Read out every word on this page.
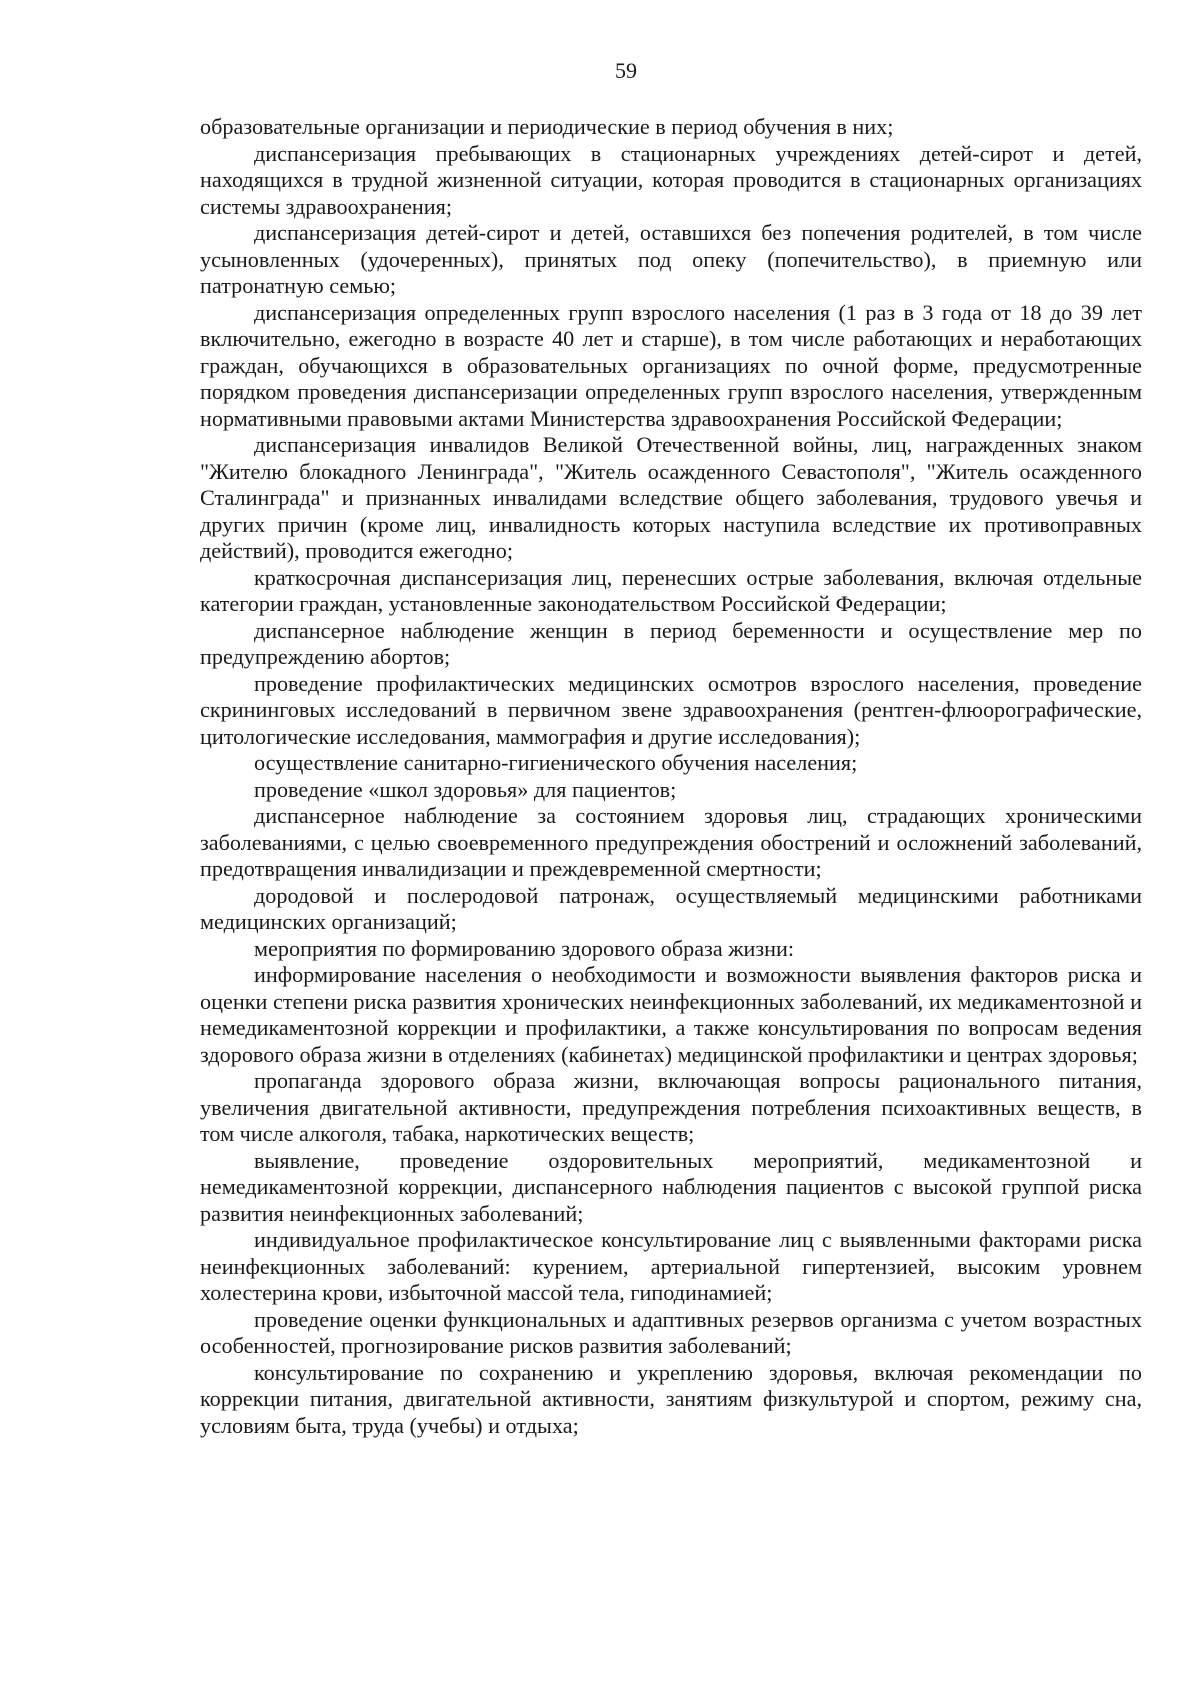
59

образовательные организации и периодические в период обучения в них;

диспансеризация пребывающих в стационарных учреждениях детей-сирот и детей, находящихся в трудной жизненной ситуации, которая проводится в стационарных организациях системы здравоохранения;

диспансеризация детей-сирот и детей, оставшихся без попечения родителей, в том числе усыновленных (удочеренных), принятых под опеку (попечительство), в приемную или патронатную семью;

диспансеризация определенных групп взрослого населения (1 раз в 3 года от 18 до 39 лет включительно, ежегодно в возрасте 40 лет и старше), в том числе работающих и неработающих граждан, обучающихся в образовательных организациях по очной форме, предусмотренные порядком проведения диспансеризации определенных групп взрослого населения, утвержденным нормативными правовыми актами Министерства здравоохранения Российской Федерации;

диспансеризация инвалидов Великой Отечественной войны, лиц, награжденных знаком "Жителю блокадного Ленинграда", "Житель осажденного Севастополя", "Житель осажденного Сталинграда" и признанных инвалидами вследствие общего заболевания, трудового увечья и других причин (кроме лиц, инвалидность которых наступила вследствие их противоправных действий), проводится ежегодно;

краткосрочная диспансеризация лиц, перенесших острые заболевания, включая отдельные категории граждан, установленные законодательством Российской Федерации;

диспансерное наблюдение женщин в период беременности и осуществление мер по предупреждению абортов;

проведение профилактических медицинских осмотров взрослого населения, проведение скрининговых исследований в первичном звене здравоохранения (рентген-флюорографические, цитологические исследования, маммография и другие исследования);

осуществление санитарно-гигиенического обучения населения;

проведение «школ здоровья» для пациентов;

диспансерное наблюдение за состоянием здоровья лиц, страдающих хроническими заболеваниями, с целью своевременного предупреждения обострений и осложнений заболеваний, предотвращения инвалидизации и преждевременной смертности;

дородовой и послеродовой патронаж, осуществляемый медицинскими работниками медицинских организаций;

мероприятия по формированию здорового образа жизни:

информирование населения о необходимости и возможности выявления факторов риска и оценки степени риска развития хронических неинфекционных заболеваний, их медикаментозной и немедикаментозной коррекции и профилактики, а также консультирования по вопросам ведения здорового образа жизни в отделениях (кабинетах) медицинской профилактики и центрах здоровья;

пропаганда здорового образа жизни, включающая вопросы рационального питания, увеличения двигательной активности, предупреждения потребления психоактивных веществ, в том числе алкоголя, табака, наркотических веществ;

выявление, проведение оздоровительных мероприятий, медикаментозной и немедикаментозной коррекции, диспансерного наблюдения пациентов с высокой группой риска развития неинфекционных заболеваний;

индивидуальное профилактическое консультирование лиц с выявленными факторами риска неинфекционных заболеваний: курением, артериальной гипертензией, высоким уровнем холестерина крови, избыточной массой тела, гиподинамией;

проведение оценки функциональных и адаптивных резервов организма с учетом возрастных особенностей, прогнозирование рисков развития заболеваний;

консультирование по сохранению и укреплению здоровья, включая рекомендации по коррекции питания, двигательной активности, занятиям физкультурой и спортом, режиму сна, условиям быта, труда (учебы) и отдыха;
